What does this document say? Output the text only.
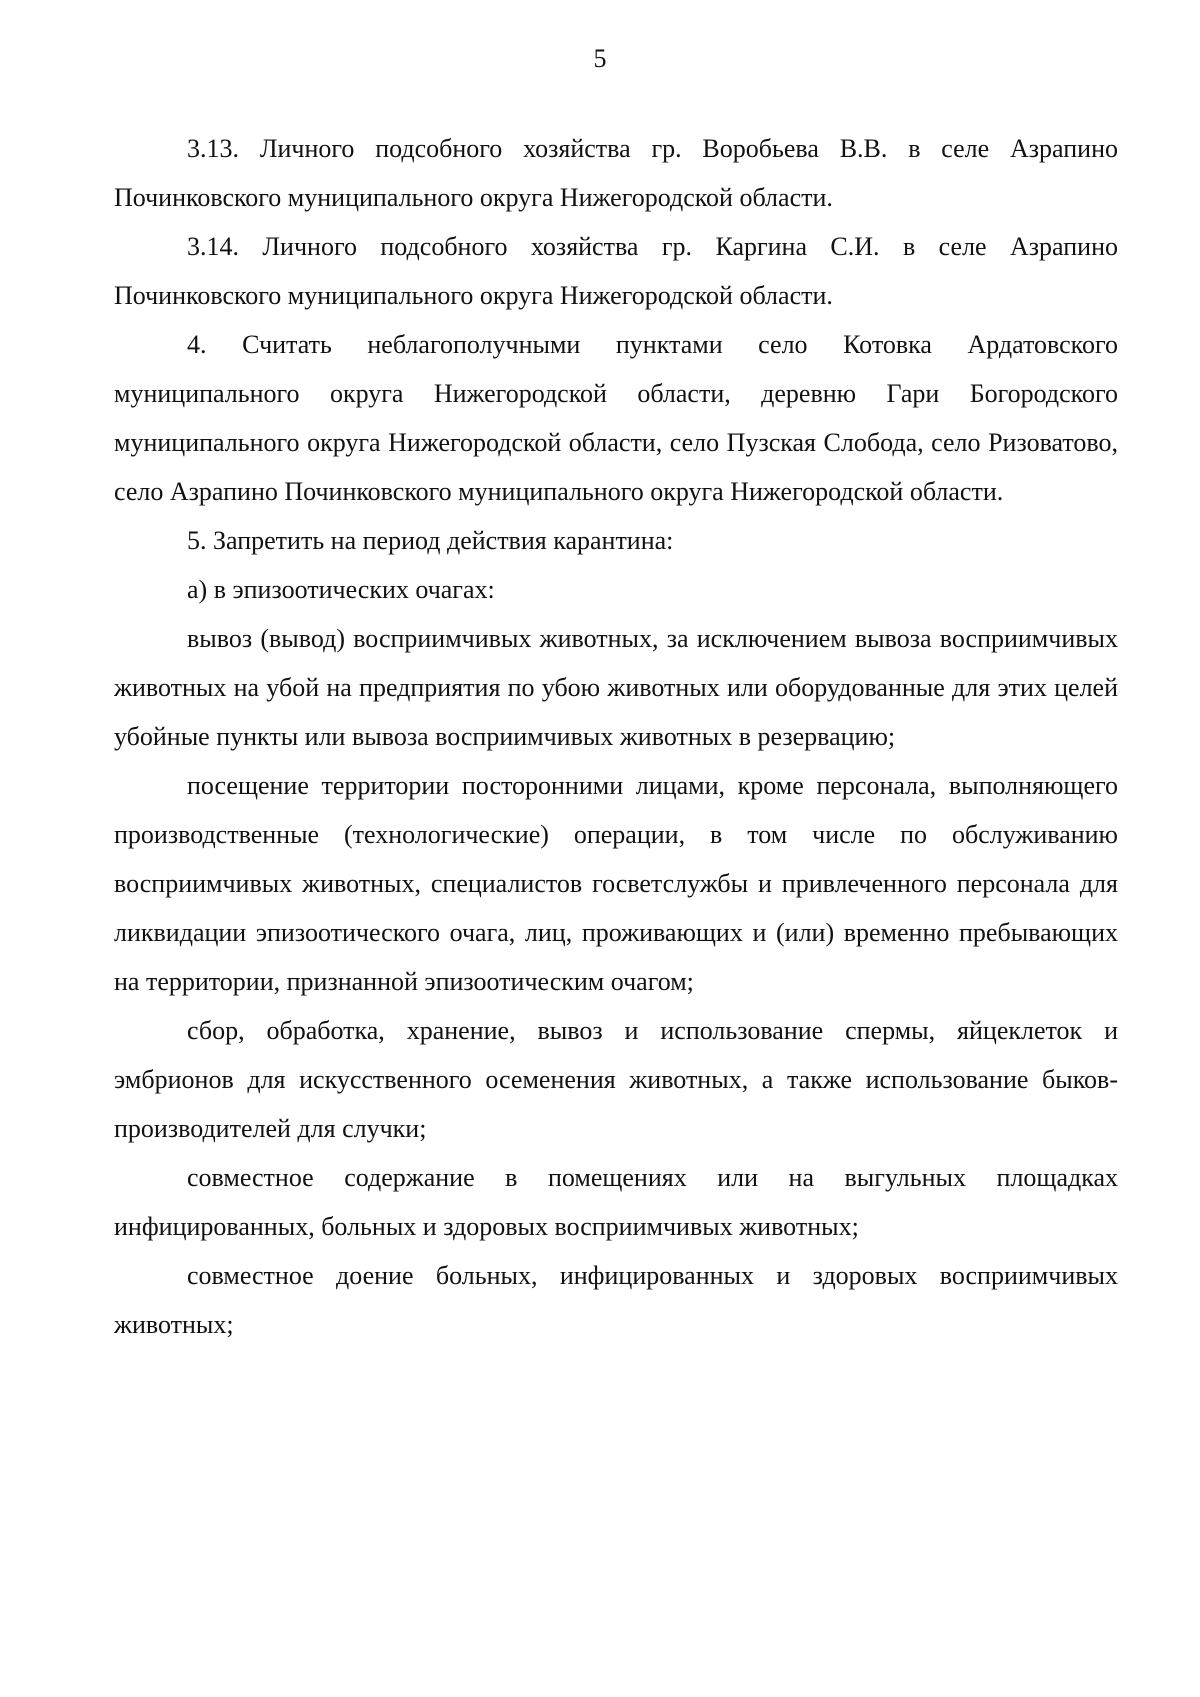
5

3.13. Личного подсобного хозяйства гр. Воробьева В.В. в селе Азрапино Починковского муниципального округа Нижегородской области.

3.14. Личного подсобного хозяйства гр. Каргина С.И. в селе Азрапино Починковского муниципального округа Нижегородской области.

4. Считать неблагополучными пунктами село Котовка Ардатовского муниципального округа Нижегородской области, деревню Гари Богородского муниципального округа Нижегородской области, село Пузская Слобода, село Ризоватово, село Азрапино Починковского муниципального округа Нижегородской области.

5. Запретить на период действия карантина:

а) в эпизоотических очагах:

вывоз (вывод) восприимчивых животных, за исключением вывоза восприимчивых животных на убой на предприятия по убою животных или оборудованные для этих целей убойные пункты или вывоза восприимчивых животных в резервацию;

посещение территории посторонними лицами, кроме персонала, выполняющего производственные (технологические) операции, в том числе по обслуживанию восприимчивых животных, специалистов госветслужбы и привлеченного персонала для ликвидации эпизоотического очага, лиц, проживающих и (или) временно пребывающих на территории, признанной эпизоотическим очагом;

сбор, обработка, хранение, вывоз и использование спермы, яйцеклеток и эмбрионов для искусственного осеменения животных, а также использование быков-производителей для случки;

совместное содержание в помещениях или на выгульных площадках инфицированных, больных и здоровых восприимчивых животных;

совместное доение больных, инфицированных и здоровых восприимчивых животных;
